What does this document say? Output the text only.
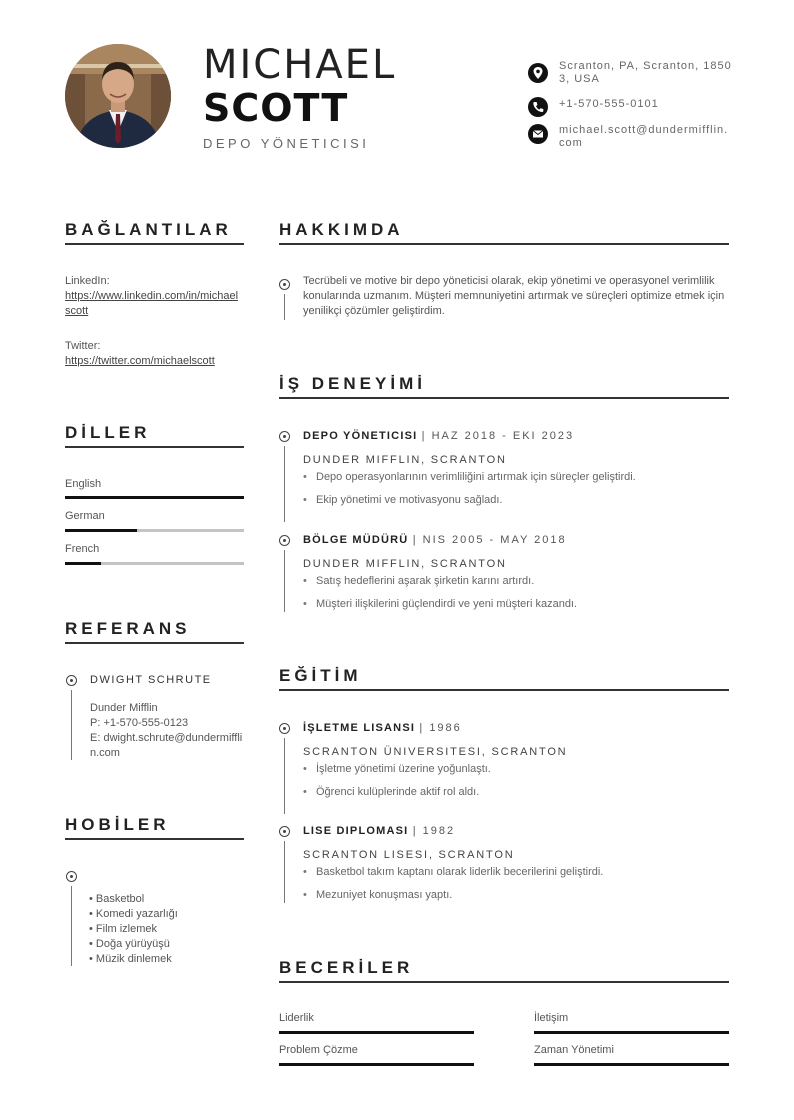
MICHAEL
SCOTT
DEPO YÖNETICISI
Scranton, PA, Scranton, 18503, USA
+1-570-555-0101
michael.scott@dundermifflin.com
BAĞLANTILAR
LinkedIn:
https://www.linkedin.com/in/michaelscott
Twitter:
https://twitter.com/michaelscott
DİLLER
English
German
French
REFERANS
DWIGHT SCHRUTE
Dunder Mifflin
P: +1-570-555-0123
E: dwight.schrute@dundermifflin.com
HOBİLER
• Basketbol
• Komedi yazarlığı
• Film izlemek
• Doğa yürüyüşü
• Müzik dinlemek
HAKKIMDA
Tecrübeli ve motive bir depo yöneticisi olarak, ekip yönetimi ve operasyonel verimlilik konularında uzmanım. Müşteri memnuniyetini artırmak ve süreçleri optimize etmek için yenilikçi çözümler geliştirdim.
İŞ DENEYİMİ
DEPO YÖNETICISI | HAZ 2018 - EKI 2023
DUNDER MIFFLIN, SCRANTON
• Depo operasyonlarının verimliliğini artırmak için süreçler geliştirdi.
• Ekip yönetimi ve motivasyonu sağladı.
BÖLGE MÜDÜRÜ | NIS 2005 - MAY 2018
DUNDER MIFFLIN, SCRANTON
• Satış hedeflerini aşarak şirketin karını artırdı.
• Müşteri ilişkilerini güçlendirdi ve yeni müşteri kazandı.
EĞİTİM
İŞLETME LISANSI | 1986
SCRANTON ÜNIVERSITESI, SCRANTON
• İşletme yönetimi üzerine yoğunlaştı.
• Öğrenci kulüplerinde aktif rol aldı.
LISE DIPLOMASI | 1982
SCRANTON LISESI, SCRANTON
• Basketbol takım kaptanı olarak liderlik becerilerini geliştirdi.
• Mezuniyet konuşması yaptı.
BECERİLER
Liderlik	İletişim
Problem Çözme	Zaman Yönetimi
